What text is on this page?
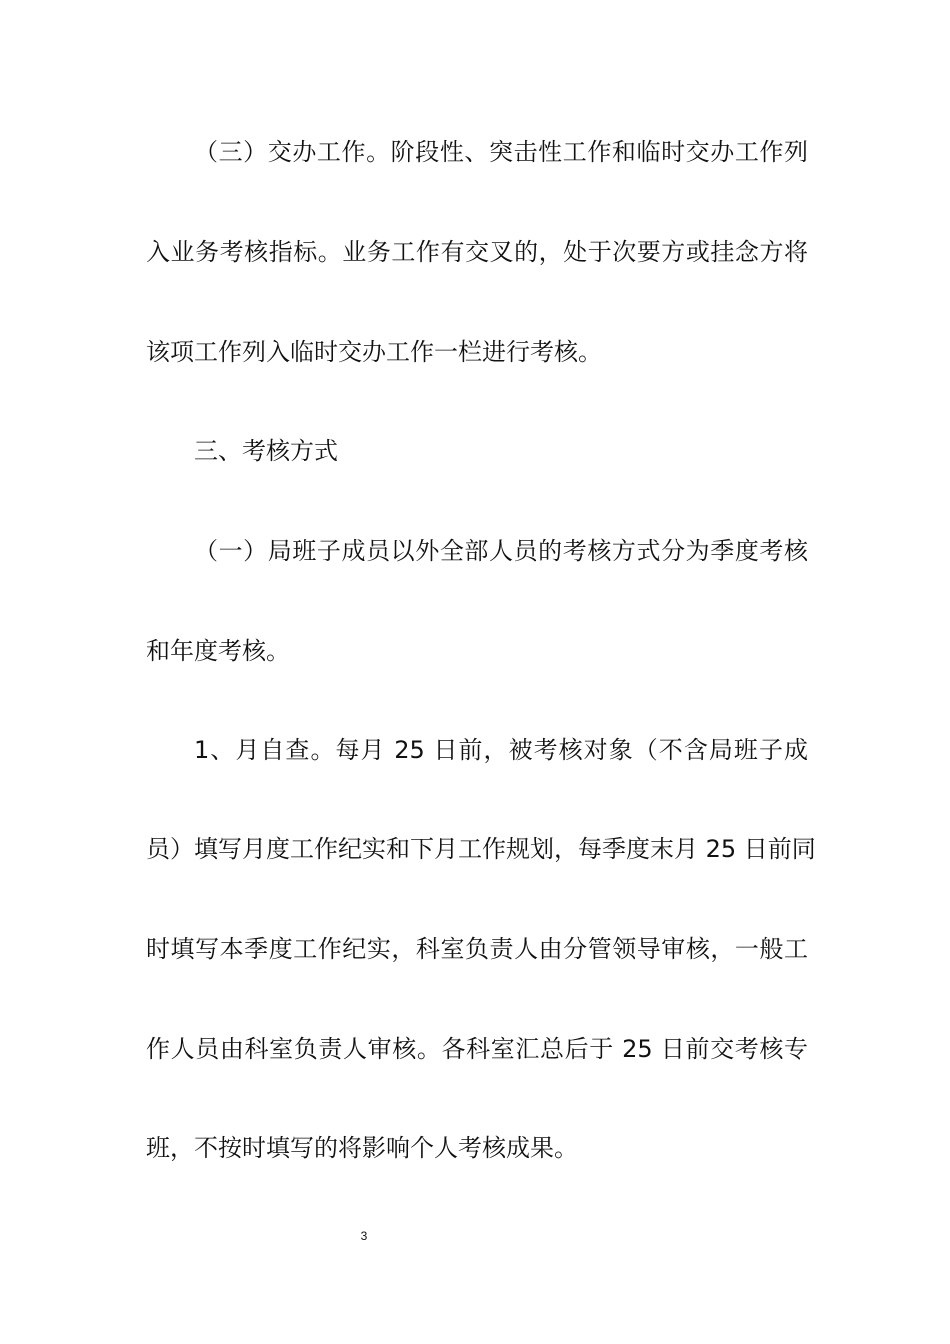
（三）交办工作。阶段性、突击性工作和临时交办工作列
入业务考核指标。业务工作有交叉的，处于次要方或挂念方将
该项工作列入临时交办工作一栏进行考核。
三、考核方式
（一）局班子成员以外全部人员的考核方式分为季度考核
和年度考核。
1、月自查。每月 25 日前，被考核对象（不含局班子成
员）填写月度工作纪实和下月工作规划，每季度末月 25 日前同
时填写本季度工作纪实，科室负责人由分管领导审核，一般工
作人员由科室负责人审核。各科室汇总后于 25 日前交考核专
班，不按时填写的将影响个人考核成果。
3
